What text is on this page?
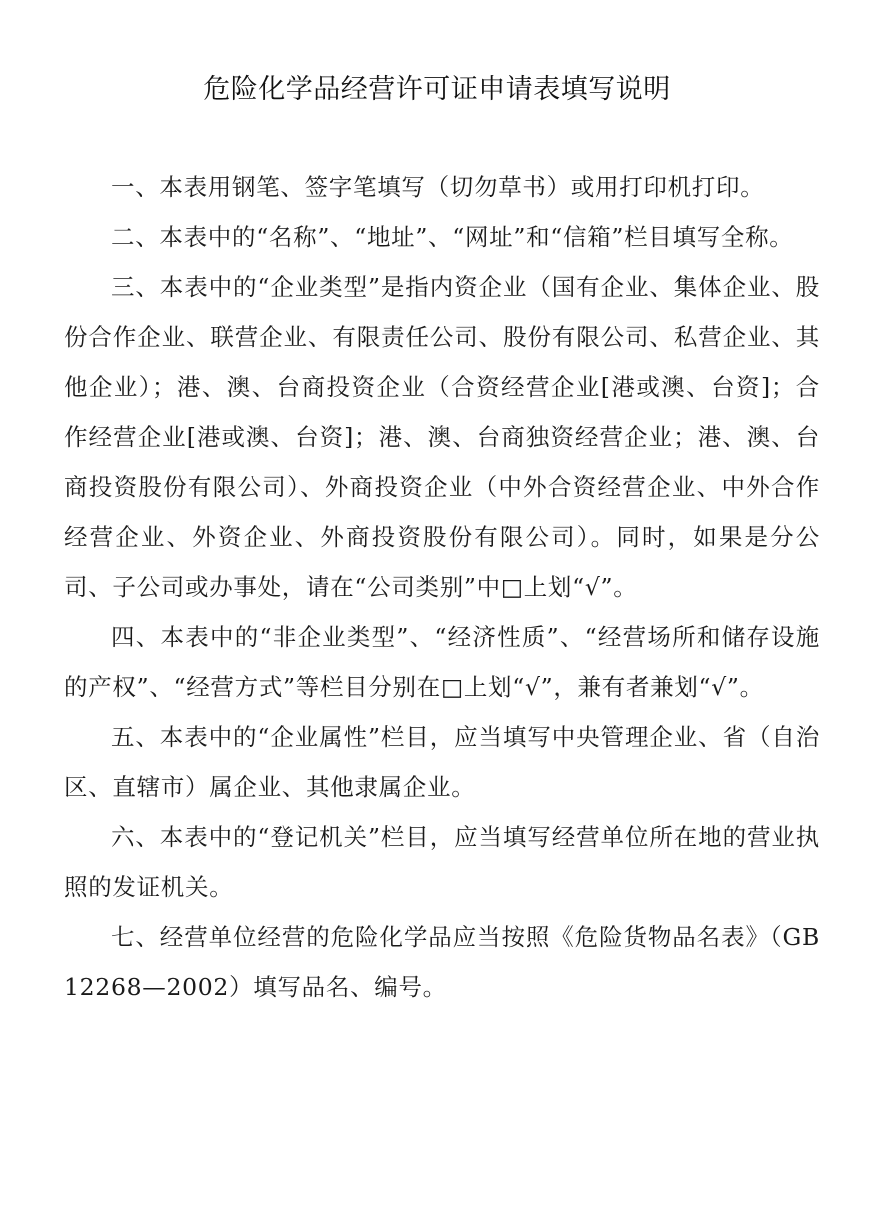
危险化学品经营许可证申请表填写说明

一、本表用钢笔、签字笔填写（切勿草书）或用打印机打印。

二、本表中的“名称”、“地址”、“网址”和“信箱”栏目填写全称。

三、本表中的“企业类型”是指内资企业（国有企业、集体企业、股份合作企业、联营企业、有限责任公司、股份有限公司、私营企业、其他企业）；港、澳、台商投资企业（合资经营企业[港或澳、台资]；合作经营企业[港或澳、台资]；港、澳、台商独资经营企业；港、澳、台商投资股份有限公司）、外商投资企业（中外合资经营企业、中外合作经营企业、外资企业、外商投资股份有限公司）。同时，如果是分公司、子公司或办事处，请在“公司类别”中□上划“√”。

四、本表中的“非企业类型”、“经济性质”、“经营场所和储存设施的产权”、“经营方式”等栏目分别在□上划“√”，兼有者兼划“√”。

五、本表中的“企业属性”栏目，应当填写中央管理企业、省（自治区、直辖市）属企业、其他隶属企业。

六、本表中的“登记机关”栏目，应当填写经营单位所在地的营业执照的发证机关。

七、经营单位经营的危险化学品应当按照《危险货物品名表》（GB12268—2002）填写品名、编号。
